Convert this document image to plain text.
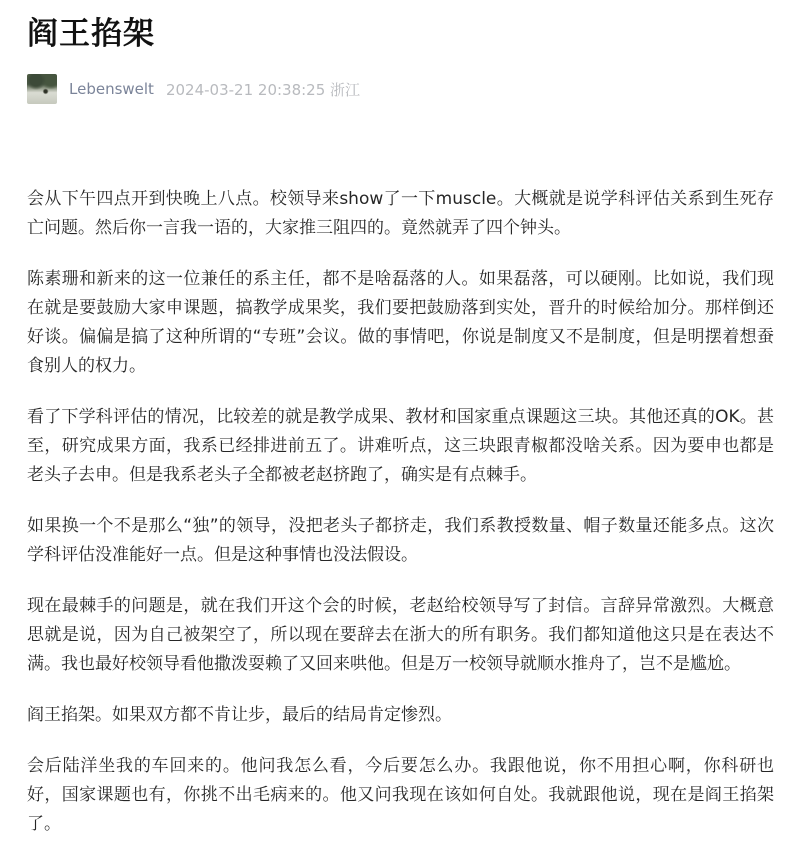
阎王掐架
Lebenswelt 2024-03-21 20:38:25 浙江

会从下午四点开到快晚上八点。校领导来show了一下muscle。大概就是说学科评估关系到生死存亡问题。然后你一言我一语的，大家推三阻四的。竟然就弄了四个钟头。

陈素珊和新来的这一位兼任的系主任，都不是啥磊落的人。如果磊落，可以硬刚。比如说，我们现在就是要鼓励大家申课题，搞教学成果奖，我们要把鼓励落到实处，晋升的时候给加分。那样倒还好谈。偏偏是搞了这种所谓的“专班”会议。做的事情吧，你说是制度又不是制度，但是明摆着想蚕食别人的权力。

看了下学科评估的情况，比较差的就是教学成果、教材和国家重点课题这三块。其他还真的OK。甚至，研究成果方面，我系已经排进前五了。讲难听点，这三块跟青椒都没啥关系。因为要申也都是老头子去申。但是我系老头子全都被老赵挤跑了，确实是有点棘手。

如果换一个不是那么“独”的领导，没把老头子都挤走，我们系教授数量、帽子数量还能多点。这次学科评估没准能好一点。但是这种事情也没法假设。

现在最棘手的问题是，就在我们开这个会的时候，老赵给校领导写了封信。言辞异常激烈。大概意思就是说，因为自己被架空了，所以现在要辞去在浙大的所有职务。我们都知道他这只是在表达不满。我也最好校领导看他撒泼耍赖了又回来哄他。但是万一校领导就顺水推舟了，岂不是尴尬。

阎王掐架。如果双方都不肯让步，最后的结局肯定惨烈。

会后陆洋坐我的车回来的。他问我怎么看，今后要怎么办。我跟他说，你不用担心啊，你科研也好，国家课题也有，你挑不出毛病来的。他又问我现在该如何自处。我就跟他说，现在是阎王掐架了。
